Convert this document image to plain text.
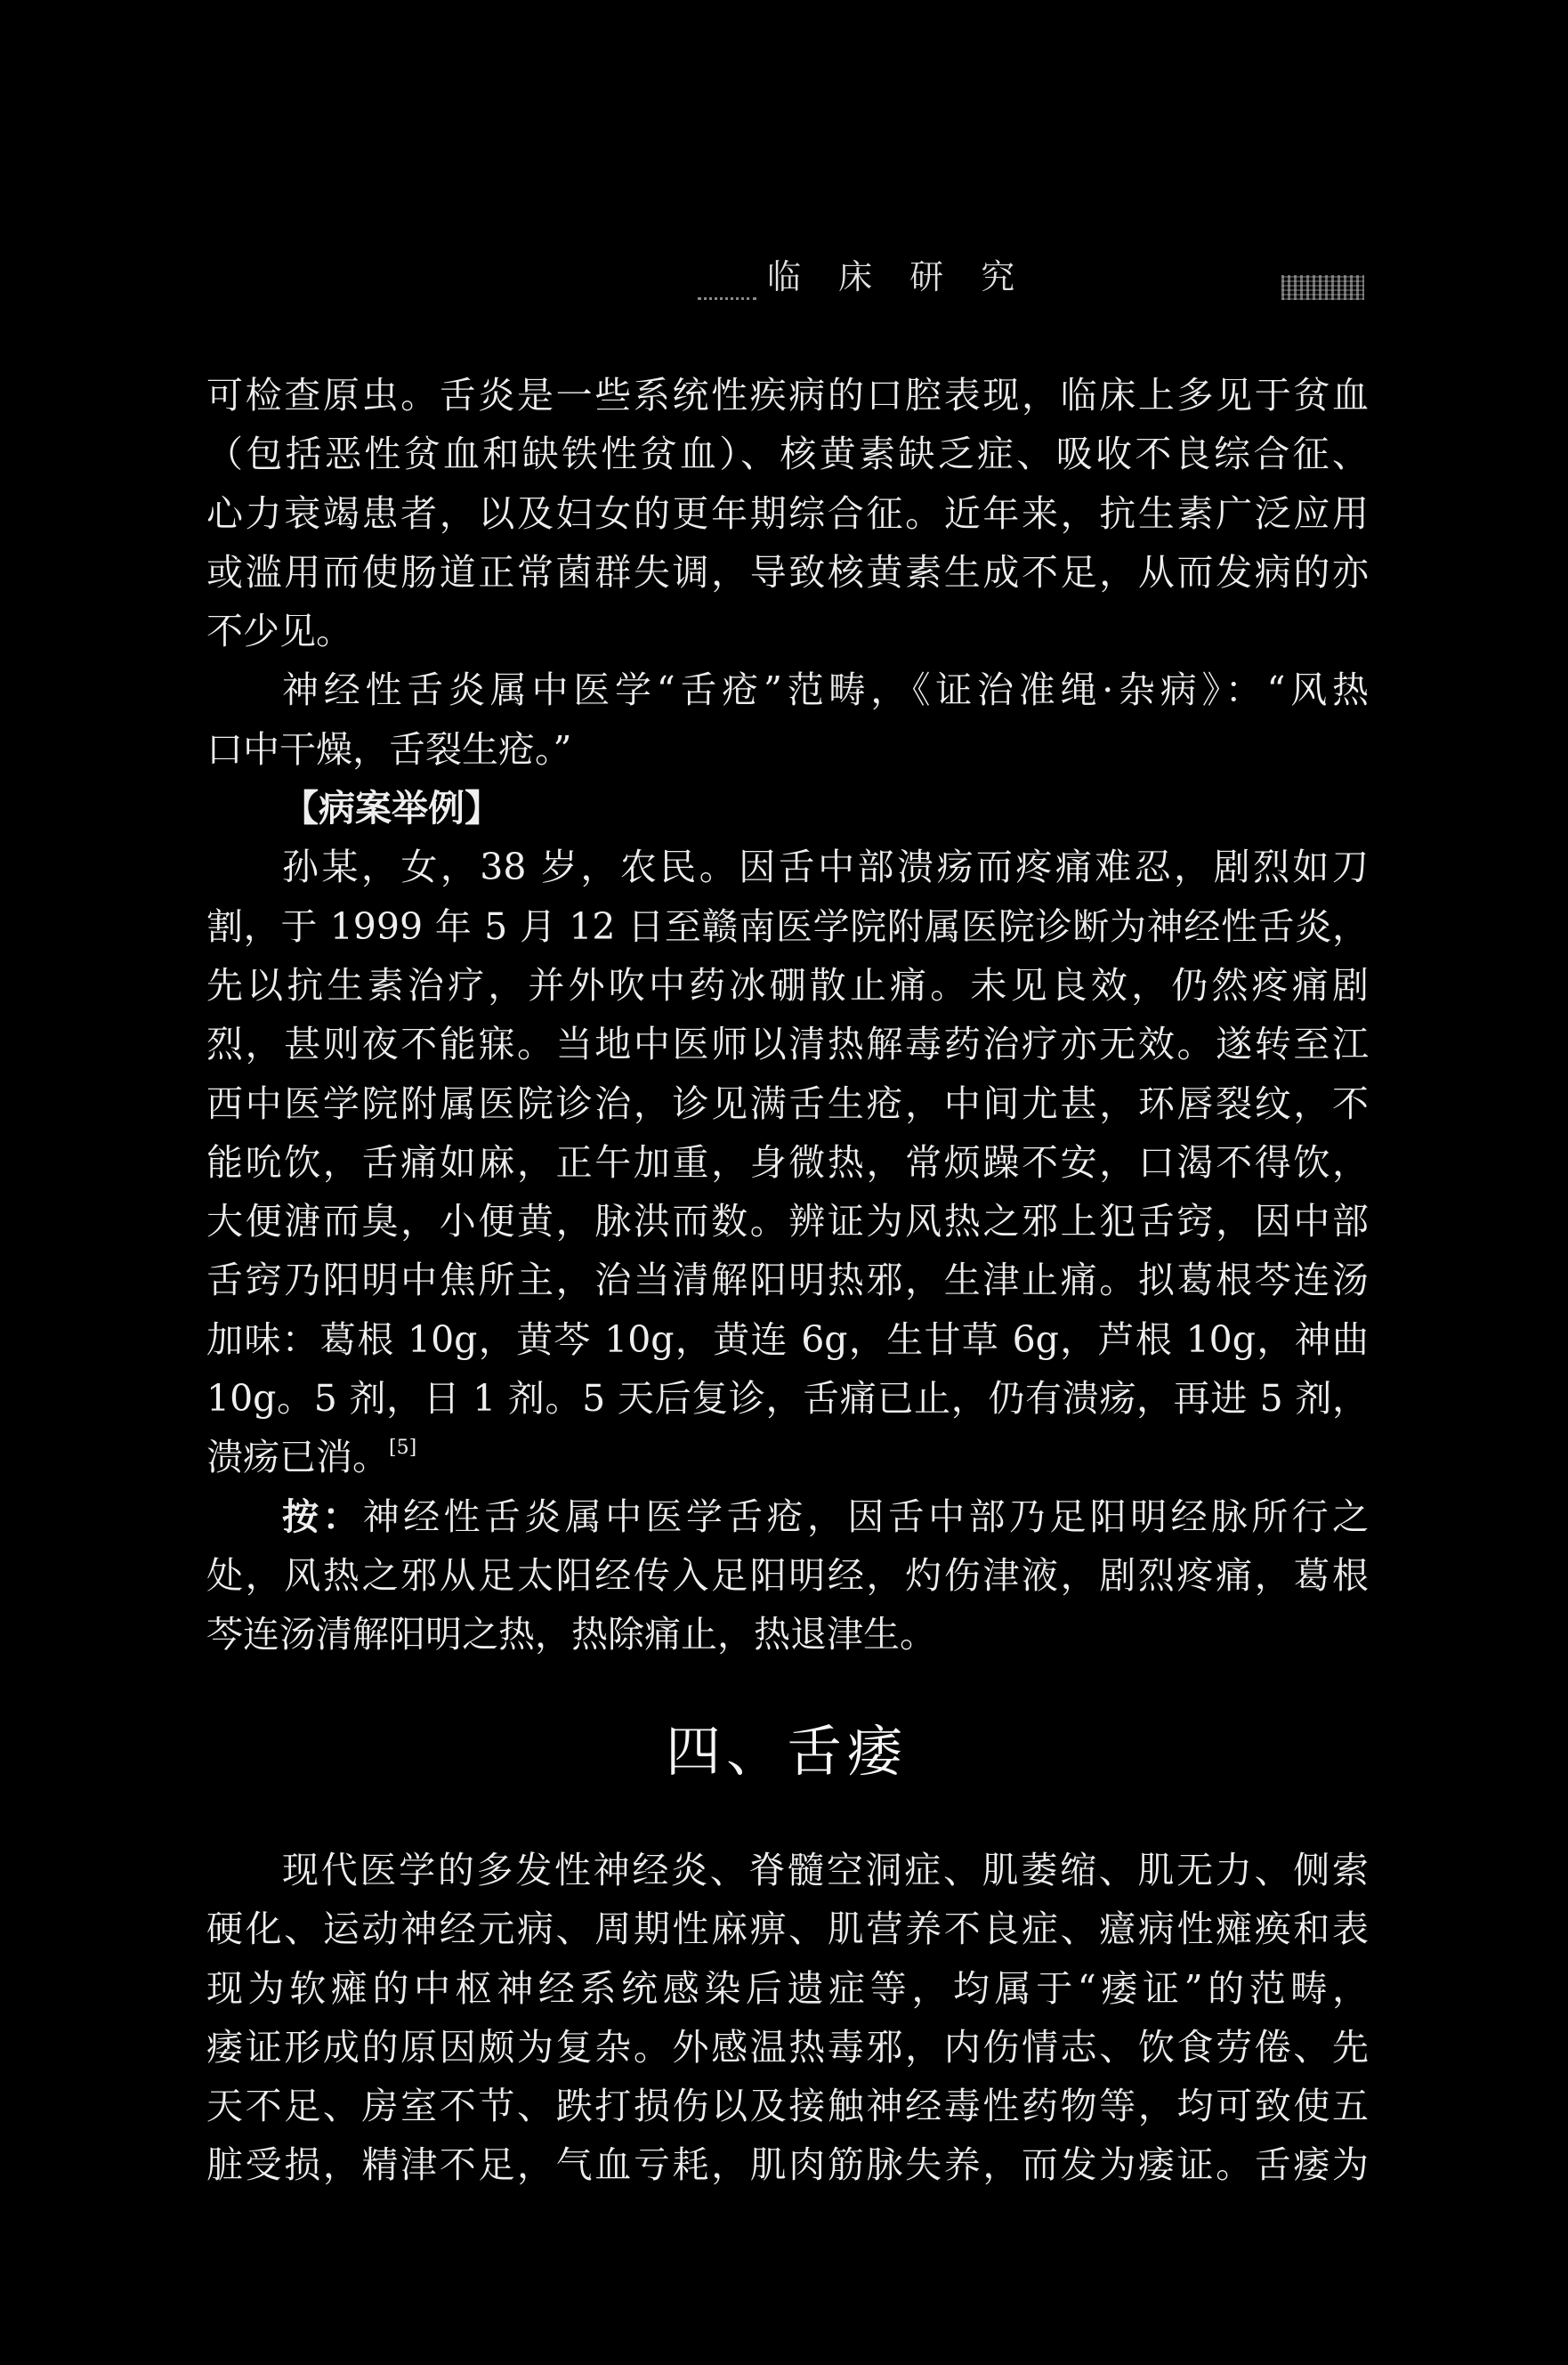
临 床 研 究
可检查原虫。舌炎是一些系统性疾病的口腔表现，临床上多见于贫血
（包括恶性贫血和缺铁性贫血）、核黄素缺乏症、吸收不良综合征、
心力衰竭患者，以及妇女的更年期综合征。近年来，抗生素广泛应用
或滥用而使肠道正常菌群失调，导致核黄素生成不足，从而发病的亦
不少见。
神经性舌炎属中医学“舌疮”范畴，《证治准绳·杂病》：“风热
口中干燥，舌裂生疮。”
【病案举例】
孙某，女，38 岁，农民。因舌中部溃疡而疼痛难忍，剧烈如刀
割，于 1999 年 5 月 12 日至赣南医学院附属医院诊断为神经性舌炎，
先以抗生素治疗，并外吹中药冰硼散止痛。未见良效，仍然疼痛剧
烈，甚则夜不能寐。当地中医师以清热解毒药治疗亦无效。遂转至江
西中医学院附属医院诊治，诊见满舌生疮，中间尤甚，环唇裂纹，不
能吮饮，舌痛如麻，正午加重，身微热，常烦躁不安，口渴不得饮，
大便溏而臭，小便黄，脉洪而数。辨证为风热之邪上犯舌窍，因中部
舌窍乃阳明中焦所主，治当清解阳明热邪，生津止痛。拟葛根芩连汤
加味：葛根 10g，黄芩 10g，黄连 6g，生甘草 6g，芦根 10g，神曲
10g。5 剂，日 1 剂。5 天后复诊，舌痛已止，仍有溃疡，再进 5 剂，
溃疡已消。[5]
按：神经性舌炎属中医学舌疮，因舌中部乃足阳明经脉所行之
处，风热之邪从足太阳经传入足阳明经，灼伤津液，剧烈疼痛，葛根
芩连汤清解阳明之热，热除痛止，热退津生。
四、舌痿
现代医学的多发性神经炎、脊髓空洞症、肌萎缩、肌无力、侧索
硬化、运动神经元病、周期性麻痹、肌营养不良症、癔病性瘫痪和表
现为软瘫的中枢神经系统感染后遗症等，均属于“痿证”的范畴，
痿证形成的原因颇为复杂。外感温热毒邪，内伤情志、饮食劳倦、先
天不足、房室不节、跌打损伤以及接触神经毒性药物等，均可致使五
脏受损，精津不足，气血亏耗，肌肉筋脉失养，而发为痿证。舌痿为
